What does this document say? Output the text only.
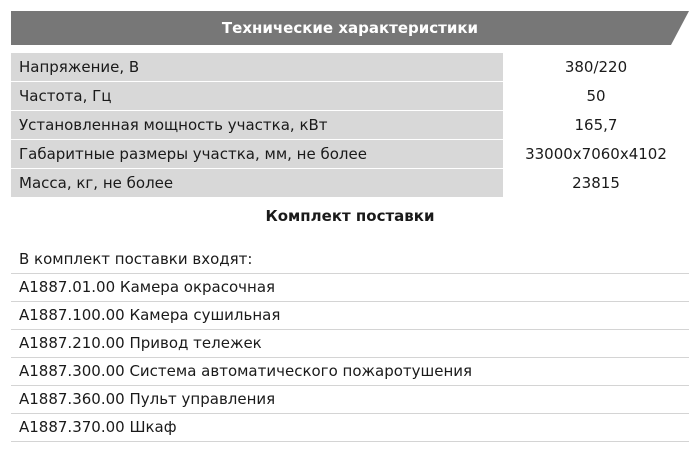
Технические характеристики
Напряжение, В	380/220
Частота, Гц	50
Установленная мощность участка, кВт	165,7
Габаритные размеры участка, мм, не более	33000х7060х4102
Масса, кг, не более	23815
Комплект поставки
В комплект поставки входят:
А1887.01.00 Камера окрасочная
А1887.100.00 Камера сушильная
А1887.210.00 Привод тележек
А1887.300.00 Система автоматического пожаротушения
А1887.360.00 Пульт управления
А1887.370.00 Шкаф
